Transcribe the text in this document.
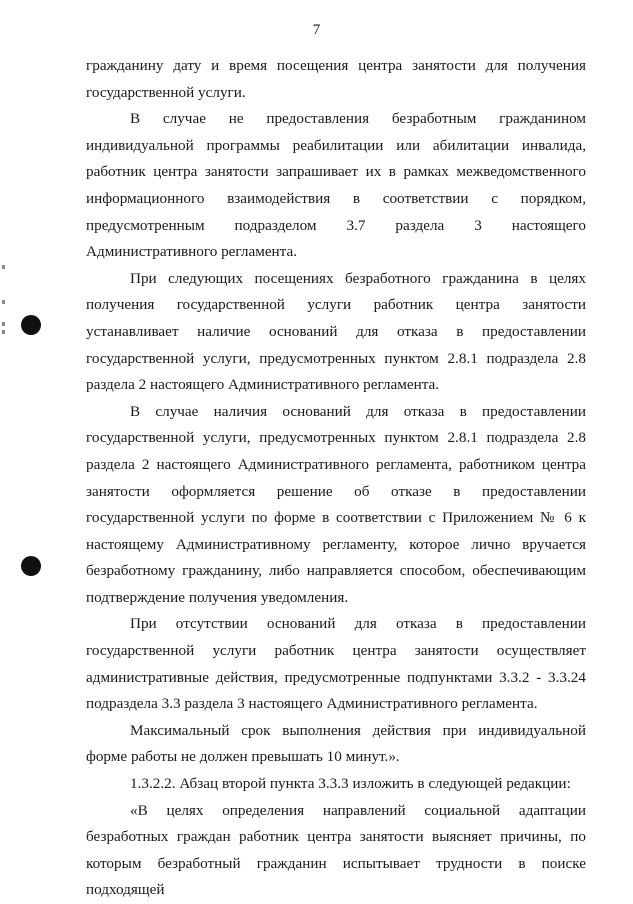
7

гражданину дату и время посещения центра занятости для получения государственной услуги.

В случае не предоставления безработным гражданином индивидуальной программы реабилитации или абилитации инвалида, работник центра занятости запрашивает их в рамках межведомственного информационного взаимодействия в соответствии с порядком, предусмотренным подразделом 3.7 раздела 3 настоящего Административного регламента.

При следующих посещениях безработного гражданина в целях получения государственной услуги работник центра занятости устанавливает наличие оснований для отказа в предоставлении государственной услуги, предусмотренных пунктом 2.8.1 подраздела 2.8 раздела 2 настоящего Административного регламента.

В случае наличия оснований для отказа в предоставлении государственной услуги, предусмотренных пунктом 2.8.1 подраздела 2.8 раздела 2 настоящего Административного регламента, работником центра занятости оформляется решение об отказе в предоставлении государственной услуги по форме в соответствии с Приложением № 6 к настоящему Административному регламенту, которое лично вручается безработному гражданину, либо направляется способом, обеспечивающим подтверждение получения уведомления.

При отсутствии оснований для отказа в предоставлении государственной услуги работник центра занятости осуществляет административные действия, предусмотренные подпунктами 3.3.2 - 3.3.24 подраздела 3.3 раздела 3 настоящего Административного регламента.

Максимальный срок выполнения действия при индивидуальной форме работы не должен превышать 10 минут.».

1.3.2.2. Абзац второй пункта 3.3.3 изложить в следующей редакции:

«В целях определения направлений социальной адаптации безработных граждан работник центра занятости выясняет причины, по которым безработный гражданин испытывает трудности в поиске подходящей
